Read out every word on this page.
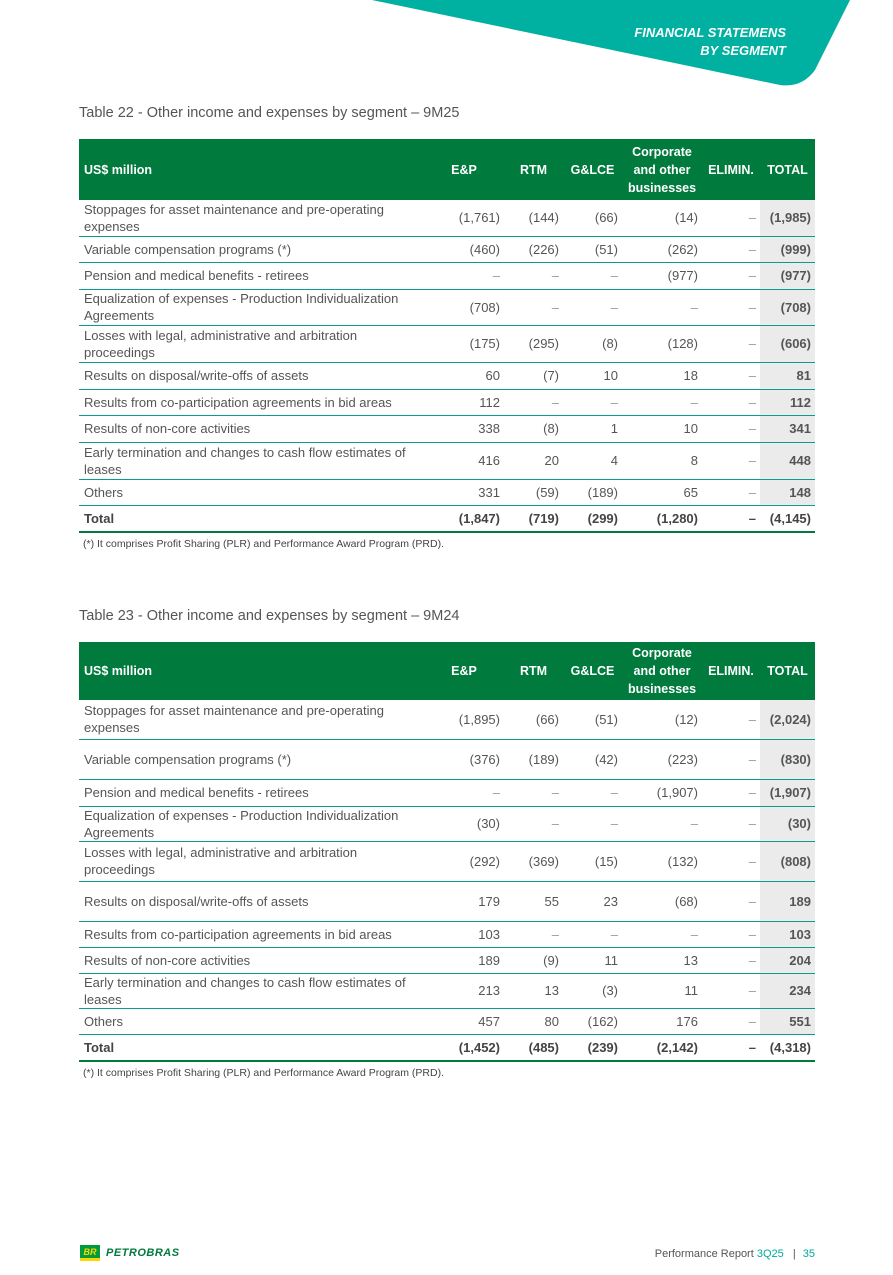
FINANCIAL STATEMENS
BY SEGMENT
Table 22 - Other income and expenses by segment – 9M25
US$ million	E&P	RTM	G&LCE	Corporate and other businesses	ELIMIN.	TOTAL
Stoppages for asset maintenance and pre-operating expenses	(1,761)	(144)	(66)	(14)	–	(1,985)
Variable compensation programs (*)	(460)	(226)	(51)	(262)	–	(999)
Pension and medical benefits - retirees	–	–	–	(977)	–	(977)
Equalization of expenses - Production Individualization Agreements	(708)	–	–	–	–	(708)
Losses with legal, administrative and arbitration proceedings	(175)	(295)	(8)	(128)	–	(606)
Results on disposal/write-offs of assets	60	(7)	10	18	–	81
Results from co-participation agreements in bid areas	112	–	–	–	–	112
Results of non-core activities	338	(8)	1	10	–	341
Early termination and changes to cash flow estimates of leases	416	20	4	8	–	448
Others	331	(59)	(189)	65	–	148
Total	(1,847)	(719)	(299)	(1,280)	–	(4,145)
(*) It comprises Profit Sharing (PLR) and Performance Award Program (PRD).
Table 23 - Other income and expenses by segment – 9M24
US$ million	E&P	RTM	G&LCE	Corporate and other businesses	ELIMIN.	TOTAL
Stoppages for asset maintenance and pre-operating expenses	(1,895)	(66)	(51)	(12)	–	(2,024)
Variable compensation programs (*)	(376)	(189)	(42)	(223)	–	(830)
Pension and medical benefits - retirees	–	–	–	(1,907)	–	(1,907)
Equalization of expenses - Production Individualization Agreements	(30)	–	–	–	–	(30)
Losses with legal, administrative and arbitration proceedings	(292)	(369)	(15)	(132)	–	(808)
Results on disposal/write-offs of assets	179	55	23	(68)	–	189
Results from co-participation agreements in bid areas	103	–	–	–	–	103
Results of non-core activities	189	(9)	11	13	–	204
Early termination and changes to cash flow estimates of leases	213	13	(3)	11	–	234
Others	457	80	(162)	176	–	551
Total	(1,452)	(485)	(239)	(2,142)	–	(4,318)
(*) It comprises Profit Sharing (PLR) and Performance Award Program (PRD).
BR PETROBRAS	Performance Report 3Q25 | 35
